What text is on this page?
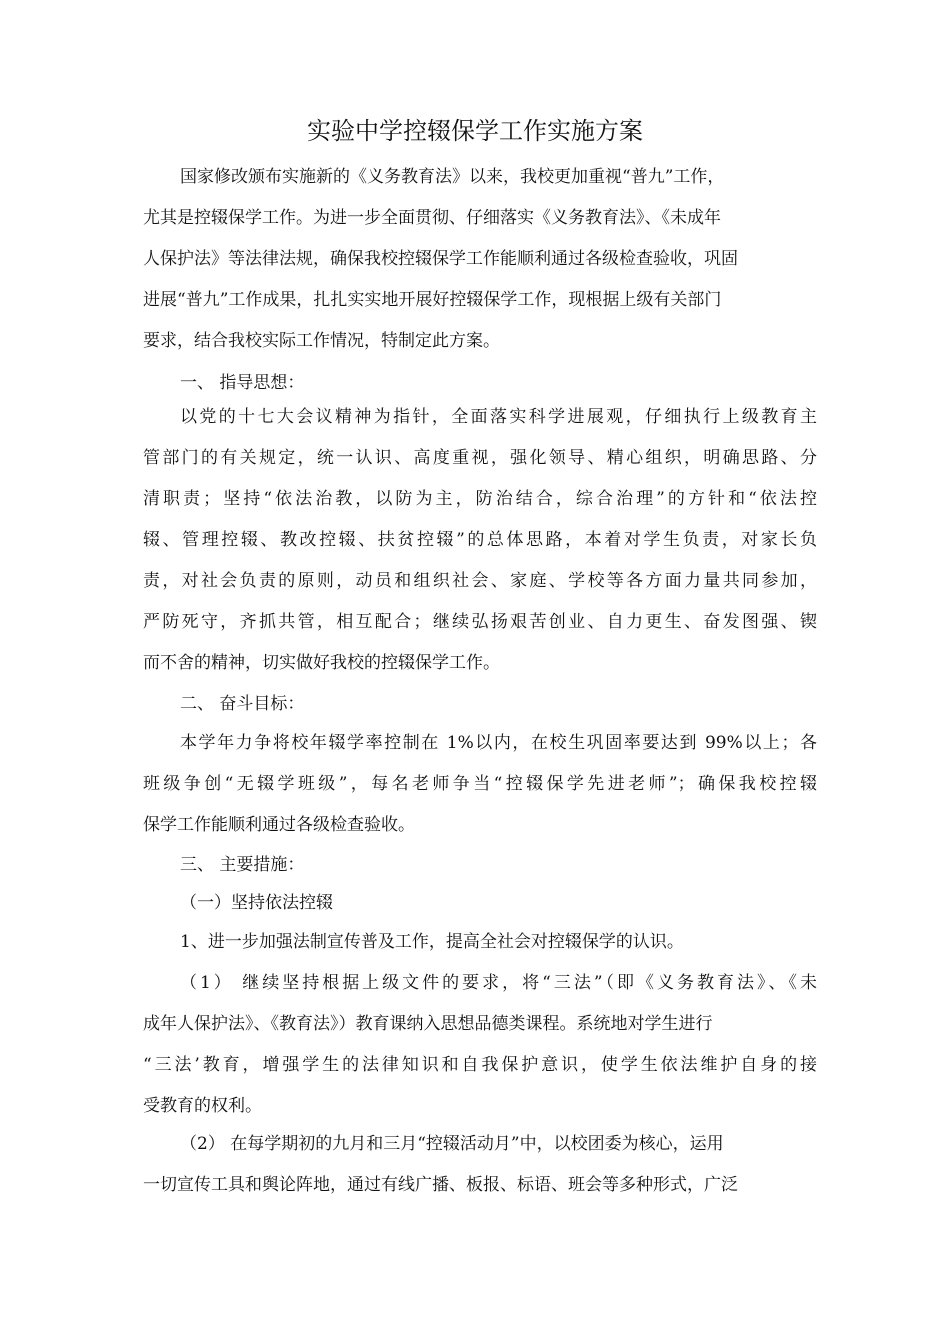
实验中学控辍保学工作实施方案
国家修改颁布实施新的《义务教育法》以来，我校更加重视“普九”工作，
尤其是控辍保学工作。为进一步全面贯彻、仔细落实《义务教育法》、《未成年
人保护法》等法律法规，确保我校控辍保学工作能顺利通过各级检查验收，巩固
进展“普九”工作成果，扎扎实实地开展好控辍保学工作，现根据上级有关部门
要求，结合我校实际工作情况，特制定此方案。
一、 指导思想：
以党的十七大会议精神为指针，全面落实科学进展观，仔细执行上级教育主
管部门的有关规定，统一认识、高度重视，强化领导、精心组织，明确思路、分
清职责；坚持“依法治教，以防为主，防治结合，综合治理”的方针和“依法控
辍、管理控辍、教改控辍、扶贫控辍”的总体思路，本着对学生负责，对家长负
责，对社会负责的原则，动员和组织社会、家庭、学校等各方面力量共同参加，
严防死守，齐抓共管，相互配合；继续弘扬艰苦创业、自力更生、奋发图强、锲
而不舍的精神，切实做好我校的控辍保学工作。
二、 奋斗目标：
本学年力争将校年辍学率控制在 1%以内，在校生巩固率要达到 99%以上；各
班级争创“无辍学班级”，每名老师争当“控辍保学先进老师”；确保我校控辍
保学工作能顺利通过各级检查验收。
三、 主要措施：
（一）坚持依法控辍
1、进一步加强法制宣传普及工作，提高全社会对控辍保学的认识。
（1） 继续坚持根据上级文件的要求，将“三法”（即《义务教育法》、《未
成年人保护法》、《教育法》）教育课纳入思想品德类课程。系统地对学生进行
“三法’教育，增强学生的法律知识和自我保护意识，使学生依法维护自身的接
受教育的权利。
（2） 在每学期初的九月和三月“控辍活动月”中，以校团委为核心，运用
一切宣传工具和舆论阵地，通过有线广播、板报、标语、班会等多种形式，广泛
